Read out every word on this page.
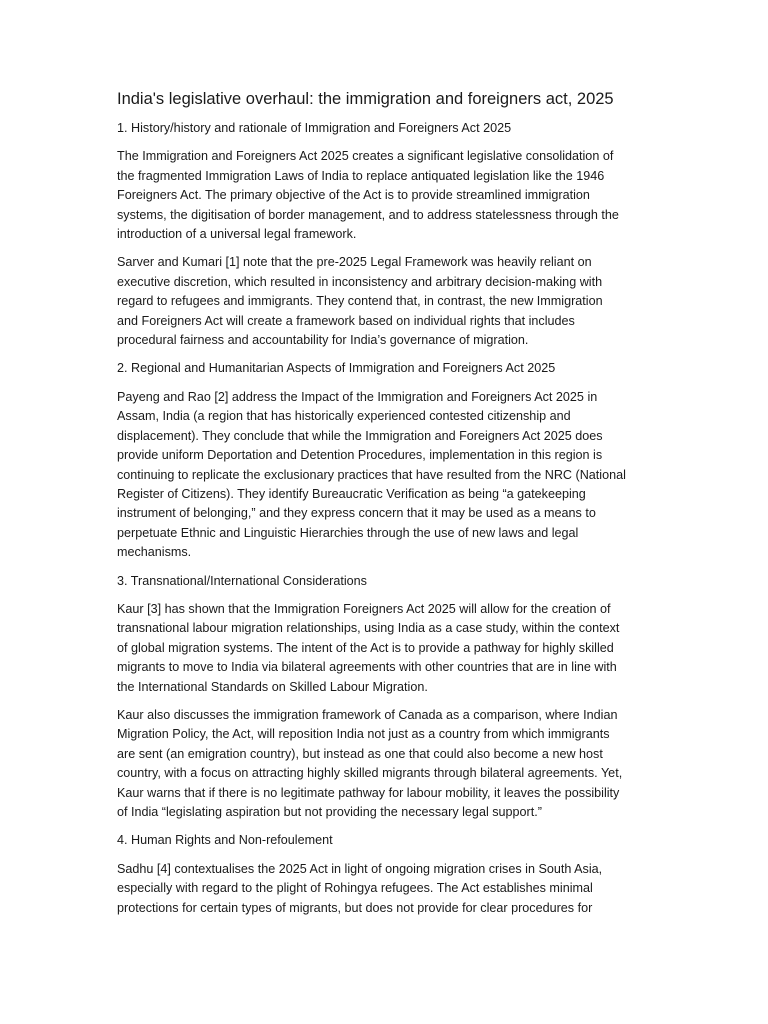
India's legislative overhaul: the immigration and foreigners act, 2025
1. History/history and rationale of Immigration and Foreigners Act 2025
The Immigration and Foreigners Act 2025 creates a significant legislative consolidation of
the fragmented Immigration Laws of India to replace antiquated legislation like the 1946
Foreigners Act. The primary objective of the Act is to provide streamlined immigration
systems, the digitisation of border management, and to address statelessness through the
introduction of a universal legal framework.
Sarver and Kumari [1] note that the pre-2025 Legal Framework was heavily reliant on
executive discretion, which resulted in inconsistency and arbitrary decision-making with
regard to refugees and immigrants. They contend that, in contrast, the new Immigration
and Foreigners Act will create a framework based on individual rights that includes
procedural fairness and accountability for India’s governance of migration.
2. Regional and Humanitarian Aspects of Immigration and Foreigners Act 2025
Payeng and Rao [2] address the Impact of the Immigration and Foreigners Act 2025 in
Assam, India (a region that has historically experienced contested citizenship and
displacement). They conclude that while the Immigration and Foreigners Act 2025 does
provide uniform Deportation and Detention Procedures, implementation in this region is
continuing to replicate the exclusionary practices that have resulted from the NRC (National
Register of Citizens). They identify Bureaucratic Verification as being “a gatekeeping
instrument of belonging,” and they express concern that it may be used as a means to
perpetuate Ethnic and Linguistic Hierarchies through the use of new laws and legal
mechanisms.
3. Transnational/International Considerations
Kaur [3] has shown that the Immigration Foreigners Act 2025 will allow for the creation of
transnational labour migration relationships, using India as a case study, within the context
of global migration systems. The intent of the Act is to provide a pathway for highly skilled
migrants to move to India via bilateral agreements with other countries that are in line with
the International Standards on Skilled Labour Migration.
Kaur also discusses the immigration framework of Canada as a comparison, where Indian
Migration Policy, the Act, will reposition India not just as a country from which immigrants
are sent (an emigration country), but instead as one that could also become a new host
country, with a focus on attracting highly skilled migrants through bilateral agreements. Yet,
Kaur warns that if there is no legitimate pathway for labour mobility, it leaves the possibility
of India “legislating aspiration but not providing the necessary legal support.”
4. Human Rights and Non-refoulement
Sadhu [4] contextualises the 2025 Act in light of ongoing migration crises in South Asia,
especially with regard to the plight of Rohingya refugees. The Act establishes minimal
protections for certain types of migrants, but does not provide for clear procedures for
